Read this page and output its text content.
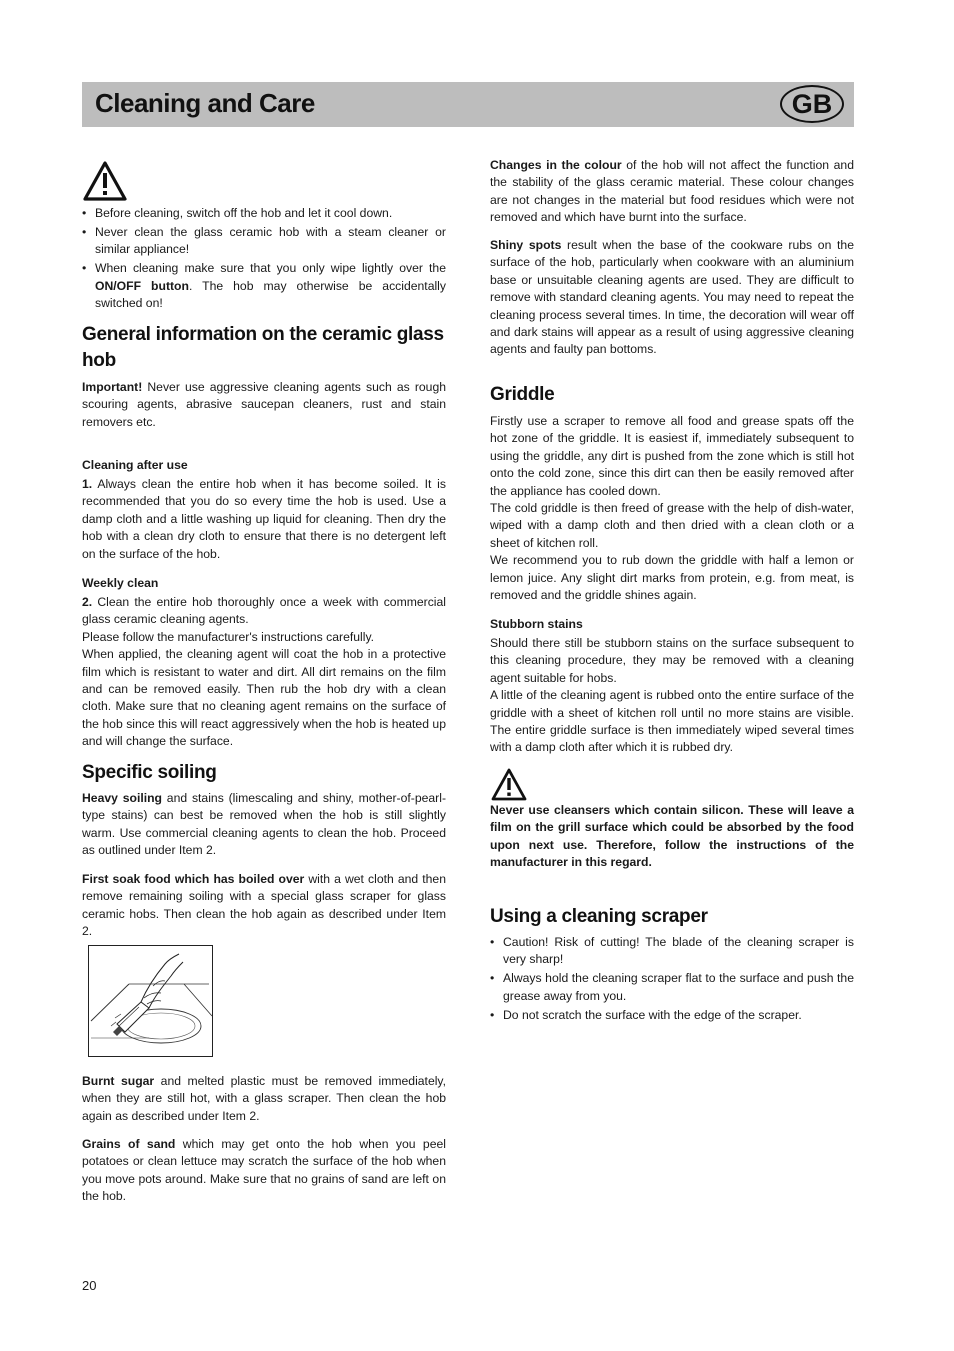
Cleaning and Care	GB
• Before cleaning, switch off the hob and let it cool down.
• Never clean the glass ceramic hob with a steam cleaner or similar appliance!
• When cleaning make sure that you only wipe lightly over the ON/OFF button. The hob may otherwise be accidentally switched on!
General information on the ceramic glass hob

Important! Never use aggressive cleaning agents such as rough scouring agents, abrasive saucepan cleaners, rust and stain removers etc.

Cleaning after use

1. Always clean the entire hob when it has become soiled. It is recommended that you do so every time the hob is used. Use a damp cloth and a little washing up liquid for cleaning. Then dry the hob with a clean dry cloth to ensure that there is no detergent left on the surface of the hob.

Weekly clean

2. Clean the entire hob thoroughly once a week with commercial glass ceramic cleaning agents.

Please follow the manufacturer's instructions carefully.

When applied, the cleaning agent will coat the hob in a protective film which is resistant to water and dirt. All dirt remains on the film and can be removed easily. Then rub the hob dry with a clean cloth. Make sure that no cleaning agent remains on the surface of the hob since this will react aggressively when the hob is heated up and will change the surface.

Specific soiling

Heavy soiling and stains (limescaling and shiny, mother-of-pearl-type stains) can best be removed when the hob is still slightly warm. Use commercial cleaning agents to clean the hob. Proceed as outlined under Item 2.

First soak food which has boiled over with a wet cloth and then remove remaining soiling with a special glass scraper for glass ceramic hobs. Then clean the hob again as described under Item 2.

Burnt sugar and melted plastic must be removed immediately, when they are still hot, with a glass scraper. Then clean the hob again as described under Item 2.

Grains of sand which may get onto the hob when you peel potatoes or clean lettuce may scratch the surface of the hob when you move pots around. Make sure that no grains of sand are left on the hob.

Changes in the colour of the hob will not affect the function and the stability of the glass ceramic material. These colour changes are not changes in the material but food residues which were not removed and which have burnt into the surface.

Shiny spots result when the base of the cookware rubs on the surface of the hob, particularly when cookware with an aluminium base or unsuitable cleaning agents are used. They are difficult to remove with standard cleaning agents. You may need to repeat the cleaning process several times. In time, the decoration will wear off and dark stains will appear as a result of using aggressive cleaning agents and faulty pan bottoms.

Griddle

Firstly use a scraper to remove all food and grease spats off the hot zone of the griddle. It is easiest if, immediately subsequent to using the griddle, any dirt is pushed from the zone which is still hot onto the cold zone, since this dirt can then be easily removed after the appliance has cooled down.

The cold griddle is then freed of grease with the help of dish-water, wiped with a damp cloth and then dried with a clean cloth or a sheet of kitchen roll.

We recommend you to rub down the griddle with half a lemon or lemon juice. Any slight dirt marks from protein, e.g. from meat, is removed and the griddle shines again.

Stubborn stains

Should there still be stubborn stains on the surface subsequent to this cleaning procedure, they may be removed with a cleaning agent suitable for hobs.

A little of the cleaning agent is rubbed onto the entire surface of the griddle with a sheet of kitchen roll until no more stains are visible. The entire griddle surface is then immediately wiped several times with a damp cloth after which it is rubbed dry.

Never use cleansers which contain silicon. These will leave a film on the grill surface which could be absorbed by the food upon next use. Therefore, follow the instructions of the manufacturer in this regard.

Using a cleaning scraper
• Caution! Risk of cutting! The blade of the cleaning scraper is very sharp!
• Always hold the cleaning scraper flat to the surface and push the grease away from you.
• Do not scratch the surface with the edge of the scraper.
20
